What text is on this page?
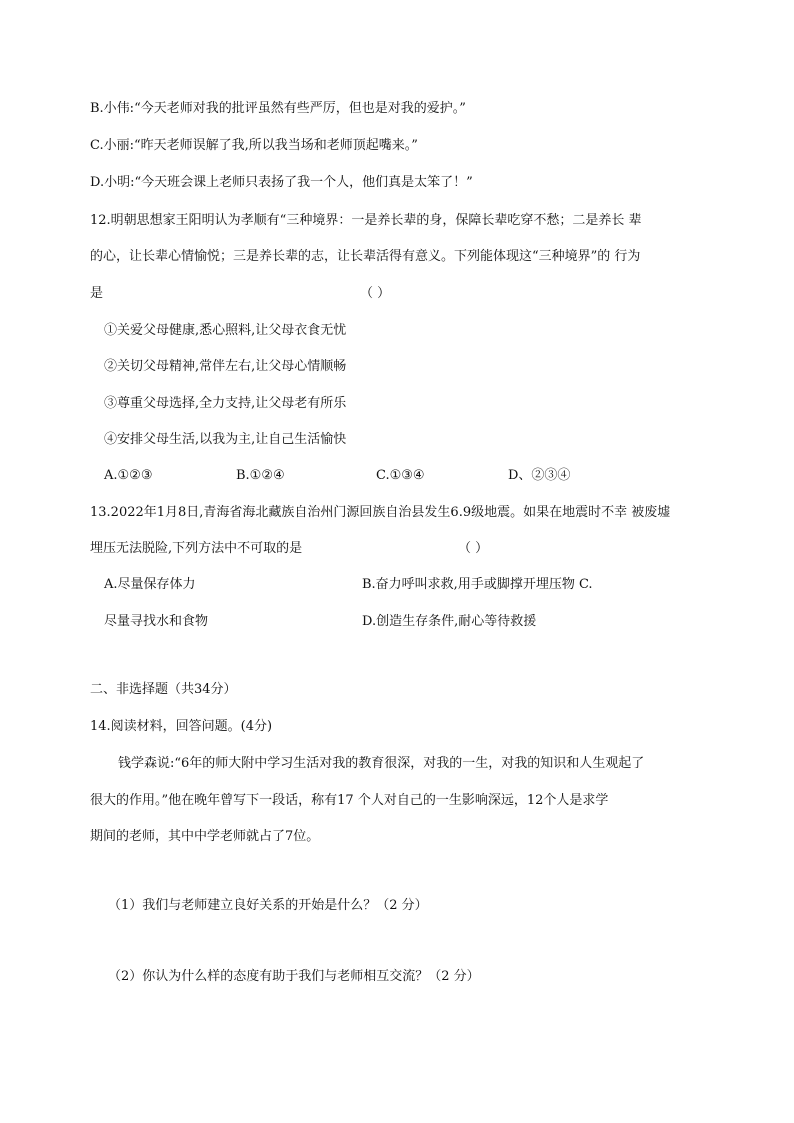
B.小伟:“今天老师对我的批评虽然有些严厉，但也是对我的爱护。”
C.小丽:“昨天老师误解了我,所以我当场和老师顶起嘴来。”
D.小明:“今天班会课上老师只表扬了我一个人，他们真是太笨了！”
12.明朝思想家王阳明认为孝顺有“三种境界：一是养长辈的身，保障长辈吃穿不愁；二是养长 辈
的心，让长辈心情愉悦；三是养长辈的志，让长辈活得有意义。下列能体现这“三种境界”的 行为
是	（ ）
①关爱父母健康,悉心照料,让父母衣食无忧
②关切父母精神,常伴左右,让父母心情顺畅
③尊重父母选择,全力支持,让父母老有所乐
④安排父母生活,以我为主,让自己生活愉快
A.①②③	B.①②④	C.①③④	D、②③④
13.2022年1月8日,青海省海北藏族自治州门源回族自治县发生6.9级地震。如果在地震时不幸 被废墟
埋压无法脱险,下列方法中不可取的是	（ ）
A.尽量保存体力	B.奋力呼叫求救,用手或脚撑开埋压物 C.
尽量寻找水和食物	D.创造生存条件,耐心等待救援
二、非选择题（共34分）
14.阅读材料，回答问题。(4分)
钱学森说:“6年的师大附中学习生活对我的教育很深，对我的一生，对我的知识和人生观起了
很大的作用。”他在晚年曾写下一段话，称有17 个人对自己的一生影响深远，12个人是求学
期间的老师，其中中学老师就占了7位。
（1）我们与老师建立良好关系的开始是什么？（2 分）
（2）你认为什么样的态度有助于我们与老师相互交流？（2 分）
